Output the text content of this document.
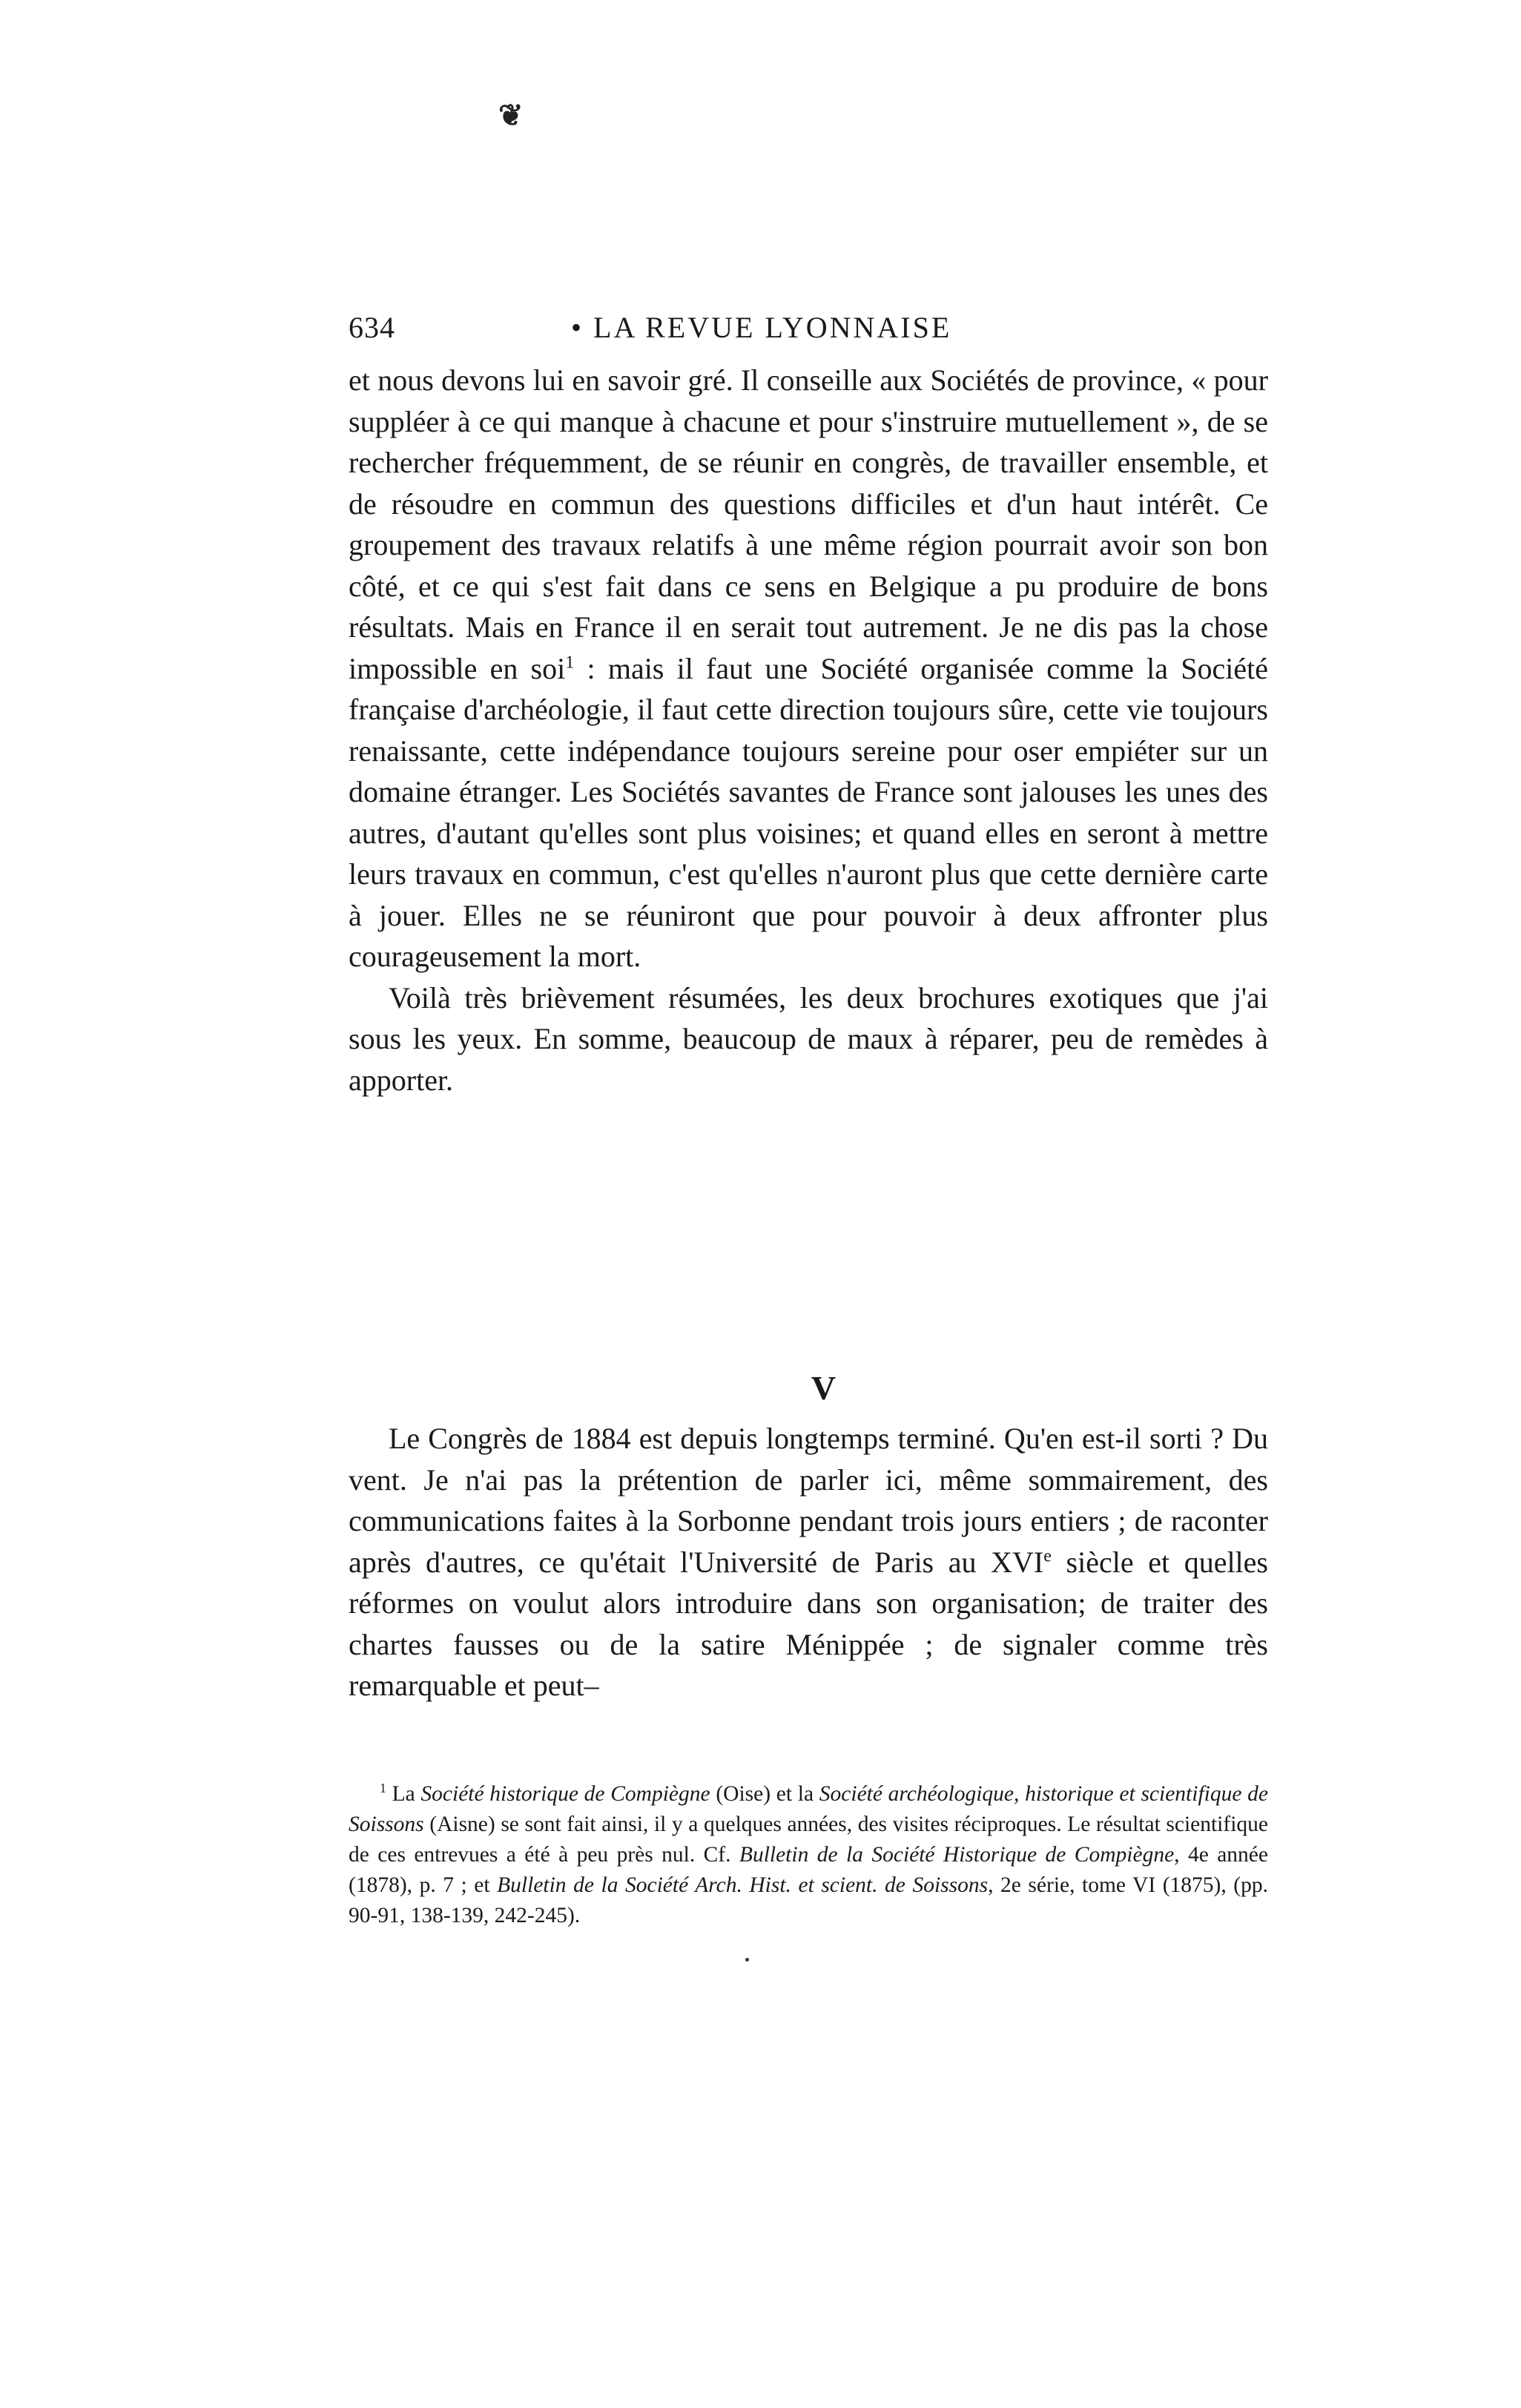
❦
634	• LA REVUE LYONNAISE

et nous devons lui en savoir gré. Il conseille aux Sociétés de province, « pour suppléer à ce qui manque à chacune et pour s'instruire mutuellement », de se rechercher fréquemment, de se réunir en congrès, de travailler ensemble, et de résoudre en commun des questions difficiles et d'un haut intérêt. Ce groupement des travaux relatifs à une même région pourrait avoir son bon côté, et ce qui s'est fait dans ce sens en Belgique a pu produire de bons résultats. Mais en France il en serait tout autrement. Je ne dis pas la chose impossible en soi$^1$ : mais il faut une Société organisée comme la Société française d'archéologie, il faut cette direction toujours sûre, cette vie toujours renaissante, cette indépendance toujours sereine pour oser empiéter sur un domaine étranger. Les Sociétés savantes de France sont jalouses les unes des autres, d'autant qu'elles sont plus voisines; et quand elles en seront à mettre leurs travaux en commun, c'est qu'elles n'auront plus que cette dernière carte à jouer. Elles ne se réuniront que pour pouvoir à deux affronter plus courageusement la mort.

Voilà très brièvement résumées, les deux brochures exotiques que j'ai sous les yeux. En somme, beaucoup de maux à réparer, peu de remèdes à apporter.

V
Le Congrès de 1884 est depuis longtemps terminé. Qu'en est-il sorti ? Du vent. Je n'ai pas la prétention de parler ici, même sommairement, des communications faites à la Sorbonne pendant trois jours entiers ; de raconter après d'autres, ce qu'était l'Université de Paris au XVIe siècle et quelles réformes on voulut alors introduire dans son organisation; de traiter des chartes fausses ou de la satire Ménippée ; de signaler comme très remarquable et peut–
$^1$ La Société historique de Compiègne (Oise) et la Société archéologique, historique et scientifique de Soissons (Aisne) se sont fait ainsi, il y a quelques années, des visites réciproques. Le résultat scientifique de ces entrevues a été à peu près nul. Cf. Bulletin de la Société Historique de Compiègne, 4e année (1878), p. 7 ; et Bulletin de la Société Arch. Hist. et scient. de Soissons, 2e série, tome VI (1875), (pp. 90-91, 138-139, 242-245).
